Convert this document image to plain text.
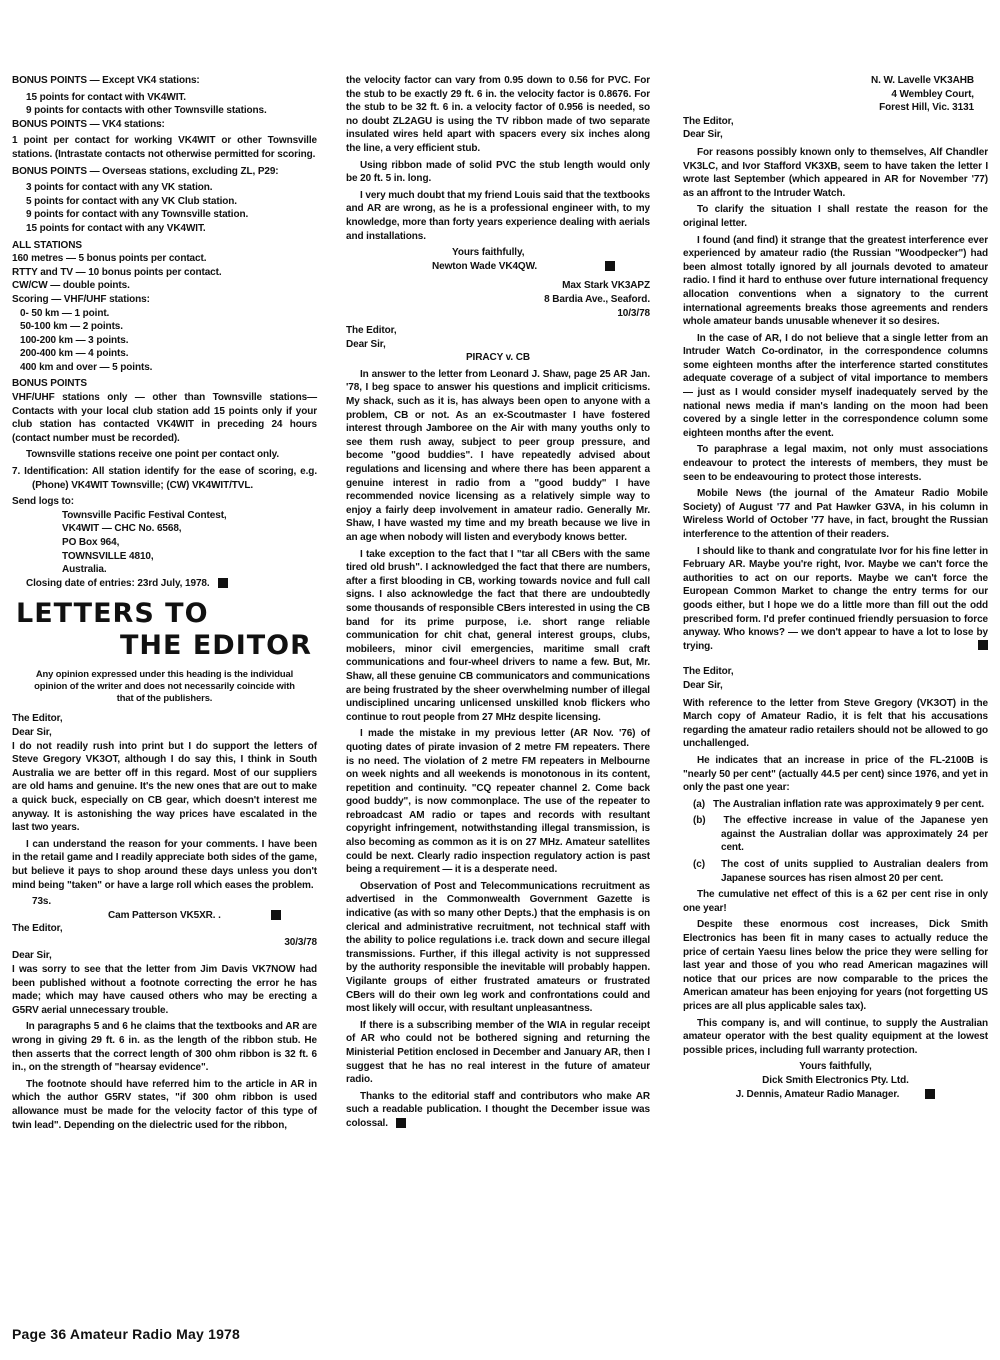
BONUS POINTS — Except VK4 stations:

15 points for contact with VK4WIT.
9 points for contacts with other Townsville stations.

BONUS POINTS — VK4 stations:

1 point per contact for working VK4WIT or other Townsville stations. (Intrastate contacts not otherwise permitted for scoring.

BONUS POINTS — Overseas stations, excluding ZL, P29:

3 points for contact with any VK station.
5 points for contact with any VK Club station.
9 points for contact with any Townsville station.
15 points for contact with any VK4WIT.
ALL STATIONS
160 metres — 5 bonus points per contact.
RTTY and TV — 10 bonus points per contact.
CW/CW — double points.
Scoring — VHF/UHF stations:
0- 50 km — 1 point.
50-100 km — 2 points.
100-200 km — 3 points.
200-400 km — 4 points.
400 km and over — 5 points.
BONUS POINTS

VHF/UHF stations only — other than Townsville stations— Contacts with your local club station add 15 points only if your club station has contacted VK4WIT in preceding 24 hours (contact number must be recorded).

Townsville stations receive one point per contact only.

7. Identification: All station identify for the ease of scoring, e.g. (Phone) VK4WIT Townsville; (CW) VK4WIT/TVL.

Send logs to:
Townsville Pacific Festival Contest,
VK4WIT — CHC No. 6568,
PO Box 964,
TOWNSVILLE 4810,
Australia.

Closing date of entries: 23rd July, 1978.

LETTERS TO
THE EDITOR

Any opinion expressed under this heading is the individual opinion of the writer and does not necessarily coincide with that of the publishers.

The Editor,
Dear Sir,

I do not readily rush into print but I do support the letters of Steve Gregory VK3OT, although I do say this, I think in South Australia we are better off in this regard. Most of our suppliers are old hams and genuine. It's the new ones that are out to make a quick buck, especially on CB gear, which doesn't interest me anyway. It is astonishing the way prices have escalated in the last two years.

I can understand the reason for your comments. I have been in the retail game and I readily appreciate both sides of the game, but believe it pays to shop around these days unless you don't mind being "taken" or have a large roll which eases the problem.

73s.

Cam Patterson VK5XR. .

The Editor,
30/3/78
Dear Sir,

I was sorry to see that the letter from Jim Davis VK7NOW had been published without a footnote correcting the error he has made; which may have caused others who may be erecting a G5RV aerial unnecessary trouble.

In paragraphs 5 and 6 he claims that the textbooks and AR are wrong in giving 29 ft. 6 in. as the length of the ribbon stub. He then asserts that the correct length of 300 ohm ribbon is 32 ft. 6 in., on the strength of "hearsay evidence".

The footnote should have referred him to the article in AR in which the author G5RV states, "if 300 ohm ribbon is used allowance must be made for the velocity factor of this type of twin lead". Depending on the dielectric used for the ribbon,

the velocity factor can vary from 0.95 down to 0.56 for PVC. For the stub to be exactly 29 ft. 6 in. the velocity factor is 0.8676. For the stub to be 32 ft. 6 in. a velocity factor of 0.956 is needed, so no doubt ZL2AGU is using the TV ribbon made of two separate insulated wires held apart with spacers every six inches along the line, a very efficient stub.

Using ribbon made of solid PVC the stub length would only be 20 ft. 5 in. long.

I very much doubt that my friend Louis said that the textbooks and AR are wrong, as he is a professional engineer with, to my knowledge, more than forty years experience dealing with aerials and installations.

Yours faithfully,

Newton Wade VK4QW.

Max Stark VK3APZ
8 Bardia Ave., Seaford.
10/3/78
The Editor,
Dear Sir,
PIRACY v. CB

In answer to the letter from Leonard J. Shaw, page 25 AR Jan. '78, I beg space to answer his questions and implicit criticisms. My shack, such as it is, has always been open to anyone with a problem, CB or not. As an ex-Scoutmaster I have fostered interest through Jamboree on the Air with many youths only to see them rush away, subject to peer group pressure, and become "good buddies". I have repeatedly advised about regulations and licensing and where there has been apparent a genuine interest in radio from a "good buddy" I have recommended novice licensing as a relatively simple way to enjoy a fairly deep involvement in amateur radio. Generally Mr. Shaw, I have wasted my time and my breath because we live in an age when nobody will listen and everybody knows better.

I take exception to the fact that I "tar all CBers with the same tired old brush". I acknowledged the fact that there are numbers, after a first blooding in CB, working towards novice and full call signs. I also acknowledge the fact that there are undoubtedly some thousands of responsible CBers interested in using the CB band for its prime purpose, i.e. short range reliable communication for chit chat, general interest groups, clubs, mobileers, minor civil emergencies, maritime small craft communications and four-wheel drivers to name a few. But, Mr. Shaw, all these genuine CB communicators and communications are being frustrated by the sheer overwhelming number of illegal undisciplined uncaring unlicensed unskilled knob flickers who continue to rout people from 27 MHz despite licensing.

I made the mistake in my previous letter (AR Nov. '76) of quoting dates of pirate invasion of 2 metre FM repeaters. There is no need. The violation of 2 metre FM repeaters in Melbourne on week nights and all weekends is monotonous in its content, repetition and continuity. "CQ repeater channel 2. Come back good buddy", is now commonplace. The use of the repeater to rebroadcast AM radio or tapes and records with resultant copyright infringement, notwithstanding illegal transmission, is also becoming as common as it is on 27 MHz. Amateur satellites could be next. Clearly radio inspection regulatory action is past being a requirement — it is a desperate need.

Observation of Post and Telecommunications recruitment as advertised in the Commonwealth Government Gazette is indicative (as with so many other Depts.) that the emphasis is on clerical and administrative recruitment, not technical staff with the ability to police regulations i.e. track down and secure illegal transmissions. Further, if this illegal activity is not suppressed by the authority responsible the inevitable will probably happen. Vigilante groups of either frustrated amateurs or frustrated CBers will do their own leg work and confrontations could and most likely will occur, with resultant unpleasantness.

If there is a subscribing member of the WIA in regular receipt of AR who could not be bothered signing and returning the Ministerial Petition enclosed in December and January AR, then I suggest that he has no real interest in the future of amateur radio.

Thanks to the editorial staff and contributors who make AR such a readable publication. I thought the December issue was colossal.

N. W. Lavelle VK3AHB
4 Wembley Court,
Forest Hill, Vic. 3131
The Editor,
Dear Sir,

For reasons possibly known only to themselves, Alf Chandler VK3LC, and Ivor Stafford VK3XB, seem to have taken the letter I wrote last September (which appeared in AR for November '77) as an affront to the Intruder Watch.

To clarify the situation I shall restate the reason for the original letter.

I found (and find) it strange that the greatest interference ever experienced by amateur radio (the Russian "Woodpecker") had been almost totally ignored by all journals devoted to amateur radio. I find it hard to enthuse over future international frequency allocation conventions when a signatory to the current international agreements breaks those agreements and renders whole amateur bands unusable whenever it so desires.

In the case of AR, I do not believe that a single letter from an Intruder Watch Co-ordinator, in the correspondence columns some eighteen months after the interference started constitutes adequate coverage of a subject of vital importance to members — just as I would consider myself inadequately served by the national news media if man's landing on the moon had been covered by a single letter in the correspondence column some eighteen months after the event.

To paraphrase a legal maxim, not only must associations endeavour to protect the interests of members, they must be seen to be endeavouring to protect those interests.

Mobile News (the journal of the Amateur Radio Mobile Society) of August '77 and Pat Hawker G3VA, in his column in Wireless World of October '77 have, in fact, brought the Russian interference to the attention of their readers.

I should like to thank and congratulate Ivor for his fine letter in February AR. Maybe you're right, Ivor. Maybe we can't force the authorities to act on our reports. Maybe we can't force the European Common Market to change the entry terms for our goods either, but I hope we do a little more than fill out the odd prescribed form. I'd prefer continued friendly persuasion to force anyway. Who knows? — we don't appear to have a lot to lose by trying.

The Editor,
Dear Sir,

With reference to the letter from Steve Gregory (VK3OT) in the March copy of Amateur Radio, it is felt that his accusations regarding the amateur radio retailers should not be allowed to go unchallenged.

He indicates that an increase in price of the FL-2100B is "nearly 50 per cent" (actually 44.5 per cent) since 1976, and yet in only the past one year:

(a) The Australian inflation rate was approximately 9 per cent.

(b) The effective increase in value of the Japanese yen against the Australian dollar was approximately 24 per cent.

(c) The cost of units supplied to Australian dealers from Japanese sources has risen almost 20 per cent.

The cumulative net effect of this is a 62 per cent rise in only one year!

Despite these enormous cost increases, Dick Smith Electronics has been fit in many cases to actually reduce the price of certain Yaesu lines below the price they were selling for last year and those of you who read American magazines will notice that our prices are now comparable to the prices the American amateur has been enjoying for years (not forgetting US prices are all plus applicable sales tax).

This company is, and will continue, to supply the Australian amateur operator with the best quality equipment at the lowest possible prices, including full warranty protection.

Yours faithfully,
Dick Smith Electronics Pty. Ltd.
J. Dennis, Amateur Radio Manager.
Page 36 Amateur Radio May 1978
